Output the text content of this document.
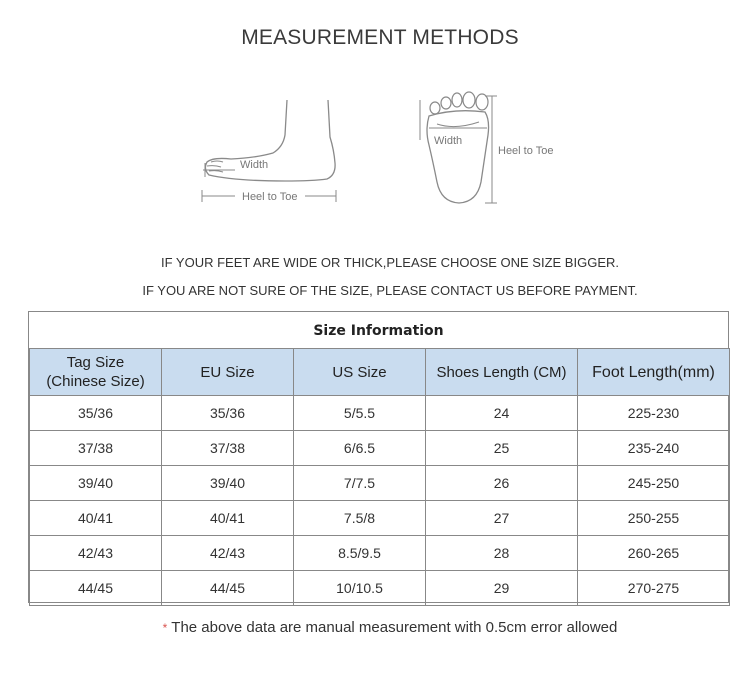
MEASUREMENT METHODS
Width
Heel to Toe
Width
Heel to Toe
IF YOUR FEET ARE WIDE OR THICK,PLEASE CHOOSE ONE SIZE BIGGER.
IF YOU ARE NOT SURE OF THE SIZE, PLEASE CONTACT US BEFORE PAYMENT.
Size Information
Tag Size
(Chinese Size)	EU Size	US Size	Shoes Length (CM)	Foot Length(mm)
35/36	35/36	5/5.5	24	225-230
37/38	37/38	6/6.5	25	235-240
39/40	39/40	7/7.5	26	245-250
40/41	40/41	7.5/8	27	250-255
42/43	42/43	8.5/9.5	28	260-265
44/45	44/45	10/10.5	29	270-275
* The above data are manual measurement with 0.5cm error allowed
